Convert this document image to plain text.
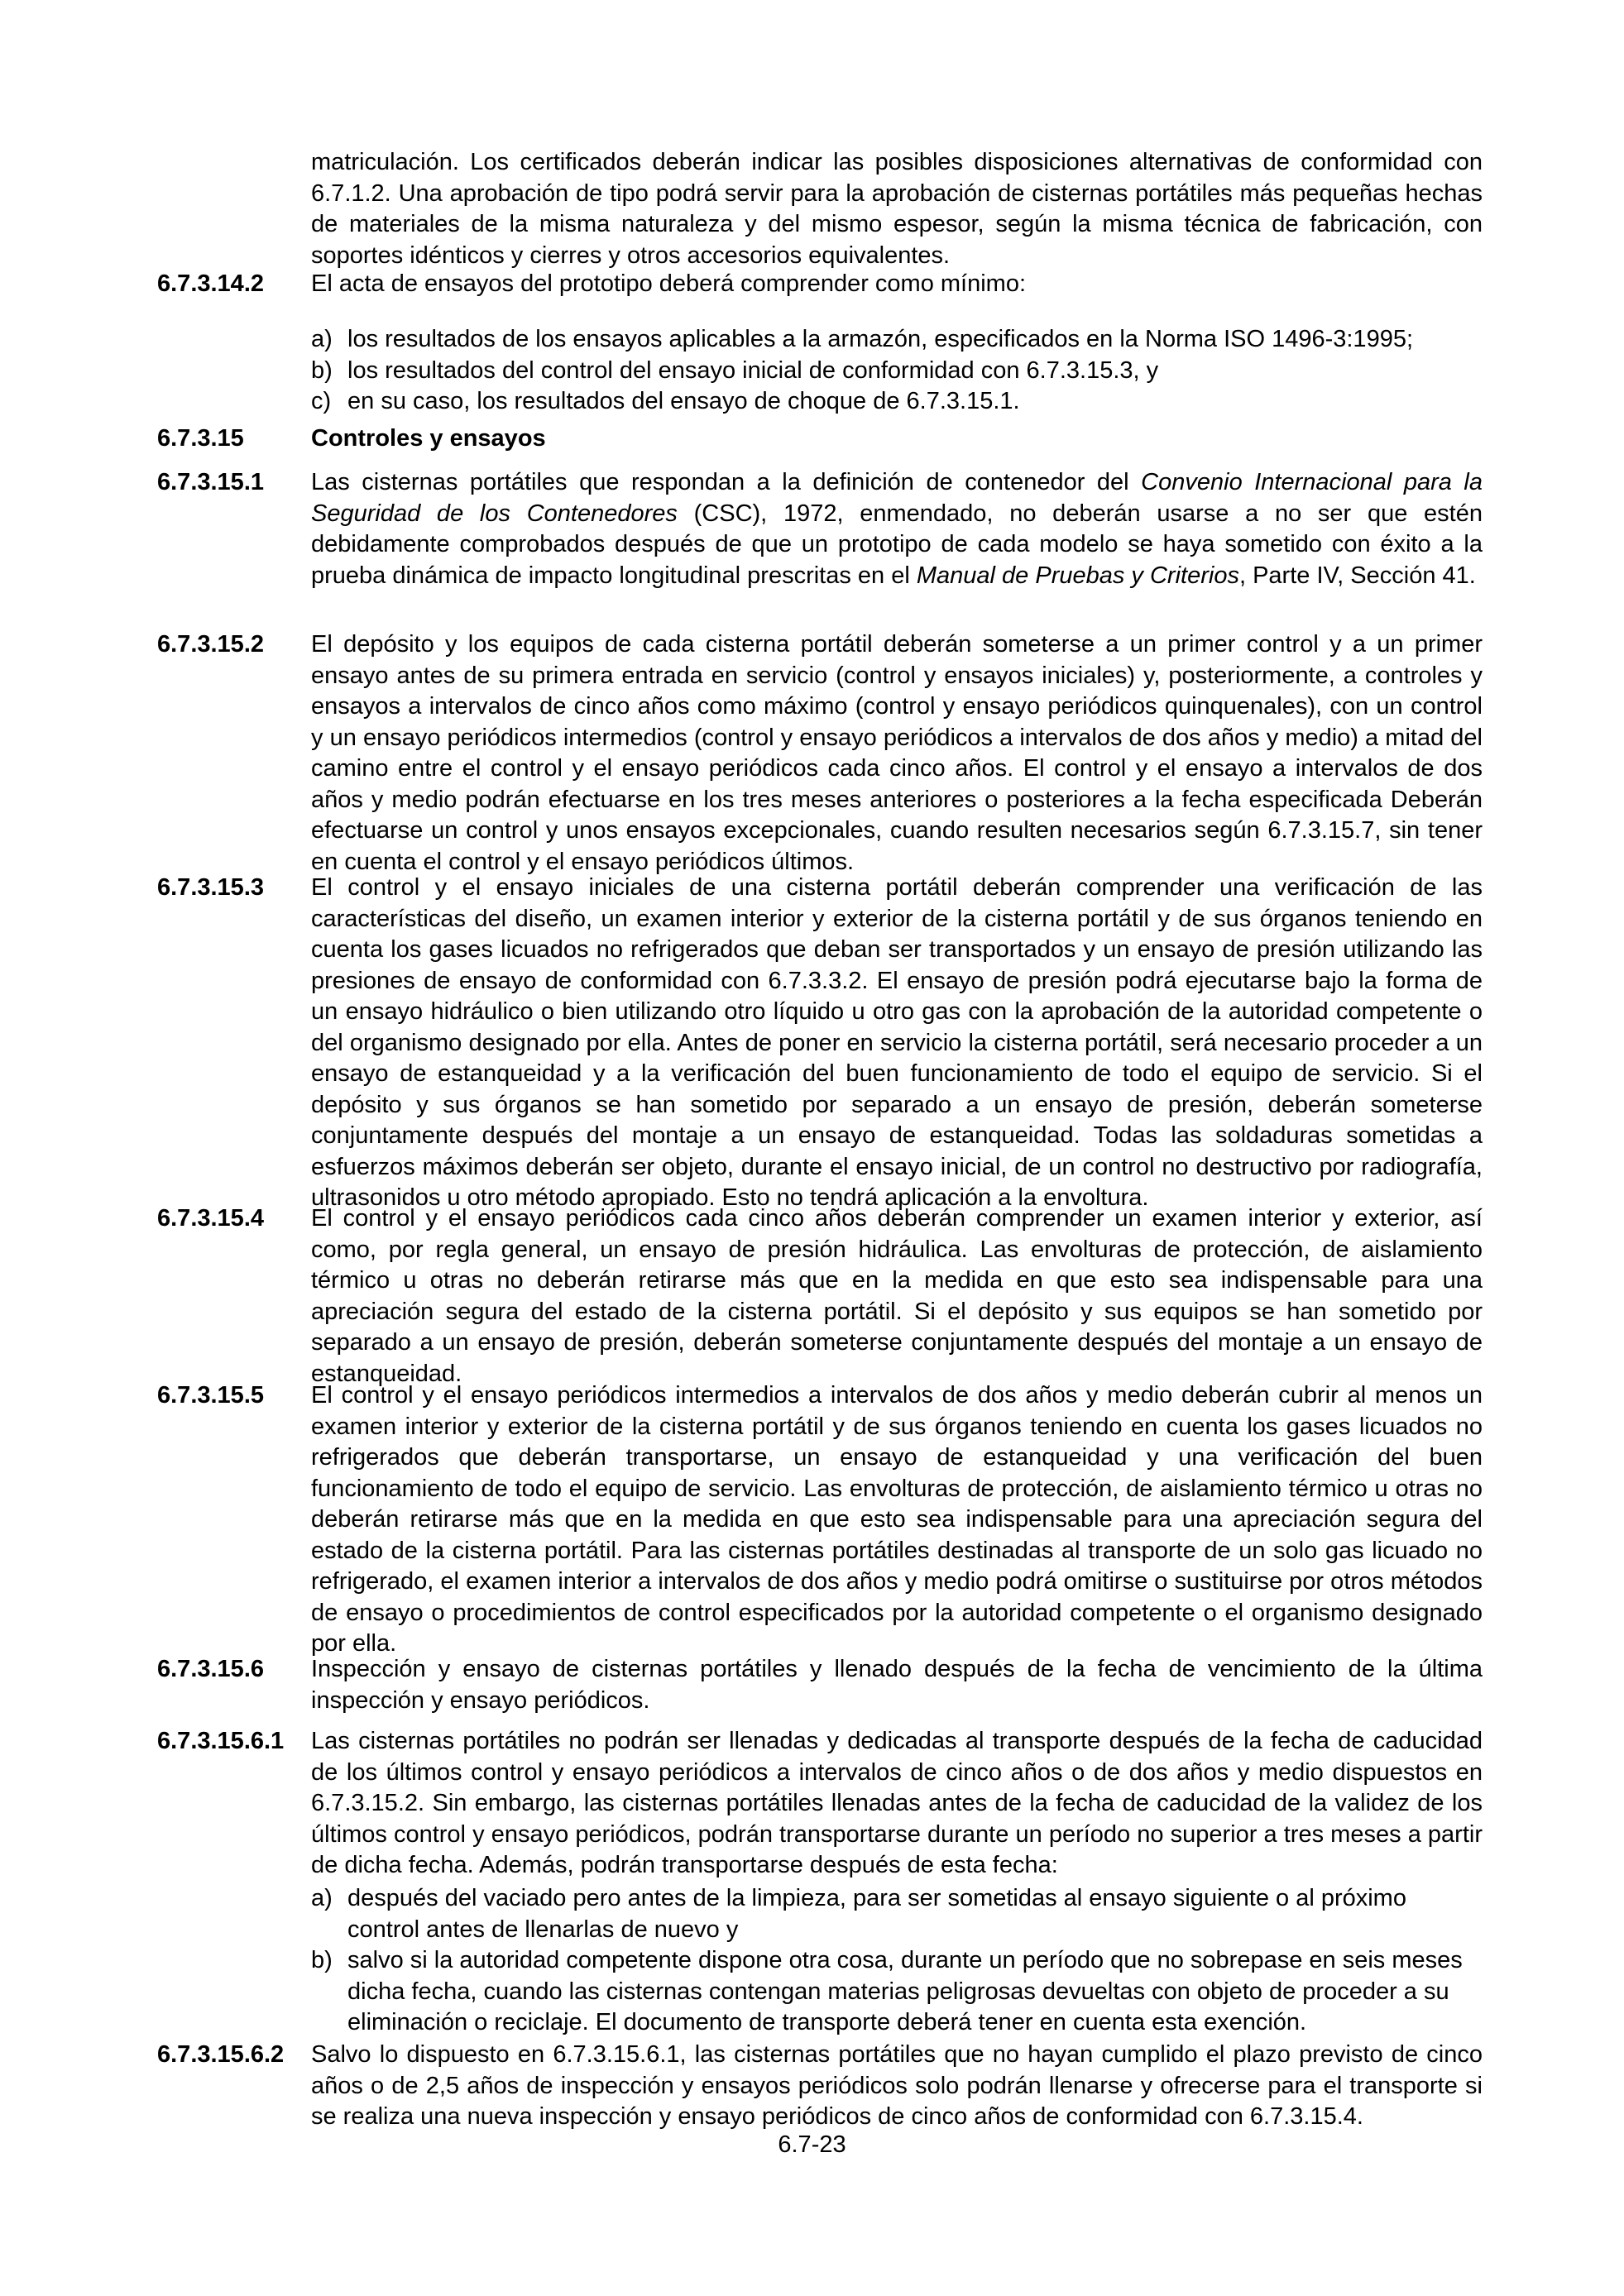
matriculación. Los certificados deberán indicar las posibles disposiciones alternativas de conformidad con 6.7.1.2. Una aprobación de tipo podrá servir para la aprobación de cisternas portátiles más pequeñas hechas de materiales de la misma naturaleza y del mismo espesor, según la misma técnica de fabricación, con soportes idénticos y cierres y otros accesorios equivalentes.
6.7.3.14.2 El acta de ensayos del prototipo deberá comprender como mínimo:
a) los resultados de los ensayos aplicables a la armazón, especificados en la Norma ISO 1496-3:1995;
b) los resultados del control del ensayo inicial de conformidad con 6.7.3.15.3, y
c) en su caso, los resultados del ensayo de choque de 6.7.3.15.1.
6.7.3.15	Controles y ensayos
6.7.3.15.1 Las cisternas portátiles que respondan a la definición de contenedor del Convenio Internacional para la Seguridad de los Contenedores (CSC), 1972, enmendado, no deberán usarse a no ser que estén debidamente comprobados después de que un prototipo de cada modelo se haya sometido con éxito a la prueba dinámica de impacto longitudinal prescritas en el Manual de Pruebas y Criterios, Parte IV, Sección 41.
6.7.3.15.2 El depósito y los equipos de cada cisterna portátil deberán someterse a un primer control y a un primer ensayo antes de su primera entrada en servicio (control y ensayos iniciales) y, posteriormente, a controles y ensayos a intervalos de cinco años como máximo (control y ensayo periódicos quinquenales), con un control y un ensayo periódicos intermedios (control y ensayo periódicos a intervalos de dos años y medio) a mitad del camino entre el control y el ensayo periódicos cada cinco años. El control y el ensayo a intervalos de dos años y medio podrán efectuarse en los tres meses anteriores o posteriores a la fecha especificada Deberán efectuarse un control y unos ensayos excepcionales, cuando resulten necesarios según 6.7.3.15.7, sin tener en cuenta el control y el ensayo periódicos últimos.
6.7.3.15.3 El control y el ensayo iniciales de una cisterna portátil deberán comprender una verificación de las características del diseño, un examen interior y exterior de la cisterna portátil y de sus órganos teniendo en cuenta los gases licuados no refrigerados que deban ser transportados y un ensayo de presión utilizando las presiones de ensayo de conformidad con 6.7.3.3.2. El ensayo de presión podrá ejecutarse bajo la forma de un ensayo hidráulico o bien utilizando otro líquido u otro gas con la aprobación de la autoridad competente o del organismo designado por ella. Antes de poner en servicio la cisterna portátil, será necesario proceder a un ensayo de estanqueidad y a la verificación del buen funcionamiento de todo el equipo de servicio. Si el depósito y sus órganos se han sometido por separado a un ensayo de presión, deberán someterse conjuntamente después del montaje a un ensayo de estanqueidad. Todas las soldaduras sometidas a esfuerzos máximos deberán ser objeto, durante el ensayo inicial, de un control no destructivo por radiografía, ultrasonidos u otro método apropiado. Esto no tendrá aplicación a la envoltura.
6.7.3.15.4 El control y el ensayo periódicos cada cinco años deberán comprender un examen interior y exterior, así como, por regla general, un ensayo de presión hidráulica. Las envolturas de protección, de aislamiento térmico u otras no deberán retirarse más que en la medida en que esto sea indispensable para una apreciación segura del estado de la cisterna portátil. Si el depósito y sus equipos se han sometido por separado a un ensayo de presión, deberán someterse conjuntamente después del montaje a un ensayo de estanqueidad.
6.7.3.15.5 El control y el ensayo periódicos intermedios a intervalos de dos años y medio deberán cubrir al menos un examen interior y exterior de la cisterna portátil y de sus órganos teniendo en cuenta los gases licuados no refrigerados que deberán transportarse, un ensayo de estanqueidad y una verificación del buen funcionamiento de todo el equipo de servicio. Las envolturas de protección, de aislamiento térmico u otras no deberán retirarse más que en la medida en que esto sea indispensable para una apreciación segura del estado de la cisterna portátil. Para las cisternas portátiles destinadas al transporte de un solo gas licuado no refrigerado, el examen interior a intervalos de dos años y medio podrá omitirse o sustituirse por otros métodos de ensayo o procedimientos de control especificados por la autoridad competente o el organismo designado por ella.
6.7.3.15.6 Inspección y ensayo de cisternas portátiles y llenado después de la fecha de vencimiento de la última inspección y ensayo periódicos.
6.7.3.15.6.1 Las cisternas portátiles no podrán ser llenadas y dedicadas al transporte después de la fecha de caducidad de los últimos control y ensayo periódicos a intervalos de cinco años o de dos años y medio dispuestos en 6.7.3.15.2. Sin embargo, las cisternas portátiles llenadas antes de la fecha de caducidad de la validez de los últimos control y ensayo periódicos, podrán transportarse durante un período no superior a tres meses a partir de dicha fecha. Además, podrán transportarse después de esta fecha:
a) después del vaciado pero antes de la limpieza, para ser sometidas al ensayo siguiente o al próximo control antes de llenarlas de nuevo y
b) salvo si la autoridad competente dispone otra cosa, durante un período que no sobrepase en seis meses dicha fecha, cuando las cisternas contengan materias peligrosas devueltas con objeto de proceder a su eliminación o reciclaje. El documento de transporte deberá tener en cuenta esta exención.
6.7.3.15.6.2 Salvo lo dispuesto en 6.7.3.15.6.1, las cisternas portátiles que no hayan cumplido el plazo previsto de cinco años o de 2,5 años de inspección y ensayos periódicos solo podrán llenarse y ofrecerse para el transporte si se realiza una nueva inspección y ensayo periódicos de cinco años de conformidad con 6.7.3.15.4.
6.7-23
